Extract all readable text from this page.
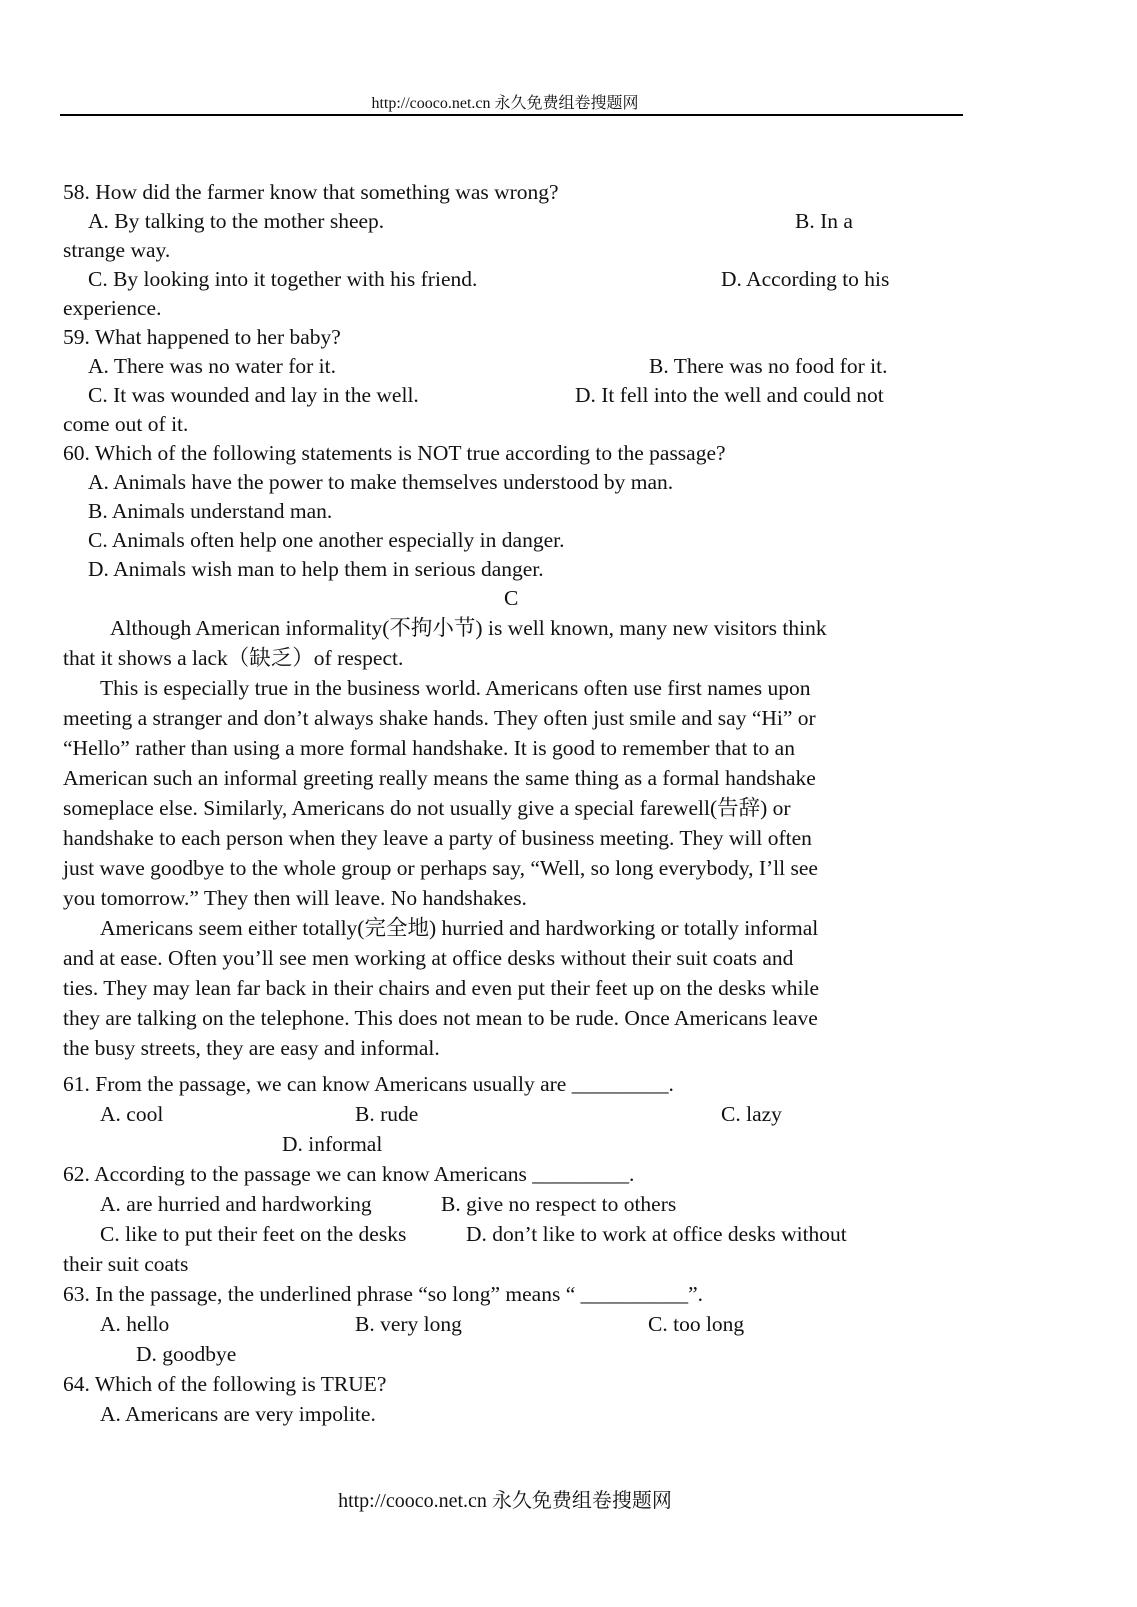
http://cooco.net.cn 永久免费组卷搜题网
58. How did the farmer know that something was wrong?
A. By talking to the mother sheep.	B. In a
strange way.
C. By looking into it together with his friend.	D. According to his
experience.
59. What happened to her baby?
A. There was no water for it.	B. There was no food for it.
C. It was wounded and lay in the well.	D. It fell into the well and could not
come out of it.
60. Which of the following statements is NOT true according to the passage?
A. Animals have the power to make themselves understood by man.
B. Animals understand man.
C. Animals often help one another especially in danger.
D. Animals wish man to help them in serious danger.
C
Although American informality(不拘小节) is well known, many new visitors think
that it shows a lack（缺乏）of respect.
This is especially true in the business world. Americans often use first names upon
meeting a stranger and don’t always shake hands. They often just smile and say “Hi” or
“Hello” rather than using a more formal handshake. It is good to remember that to an
American such an informal greeting really means the same thing as a formal handshake
someplace else. Similarly, Americans do not usually give a special farewell(告辞) or
handshake to each person when they leave a party of business meeting. They will often
just wave goodbye to the whole group or perhaps say, “Well, so long everybody, I’ll see
you tomorrow.” They then will leave. No handshakes.
Americans seem either totally(完全地) hurried and hardworking or totally informal
and at ease. Often you’ll see men working at office desks without their suit coats and
ties. They may lean far back in their chairs and even put their feet up on the desks while
they are talking on the telephone. This does not mean to be rude. Once Americans leave
the busy streets, they are easy and informal.
61. From the passage, we can know Americans usually are _________.
A. cool	B. rude	C. lazy
D. informal
62. According to the passage we can know Americans _________.
A. are hurried and hardworking	B. give no respect to others
C. like to put their feet on the desks	D. don’t like to work at office desks without
their suit coats
63. In the passage, the underlined phrase “so long” means “ __________”.
A. hello	B. very long	C. too long
D. goodbye
64. Which of the following is TRUE?
A. Americans are very impolite.
http://cooco.net.cn 永久免费组卷搜题网
